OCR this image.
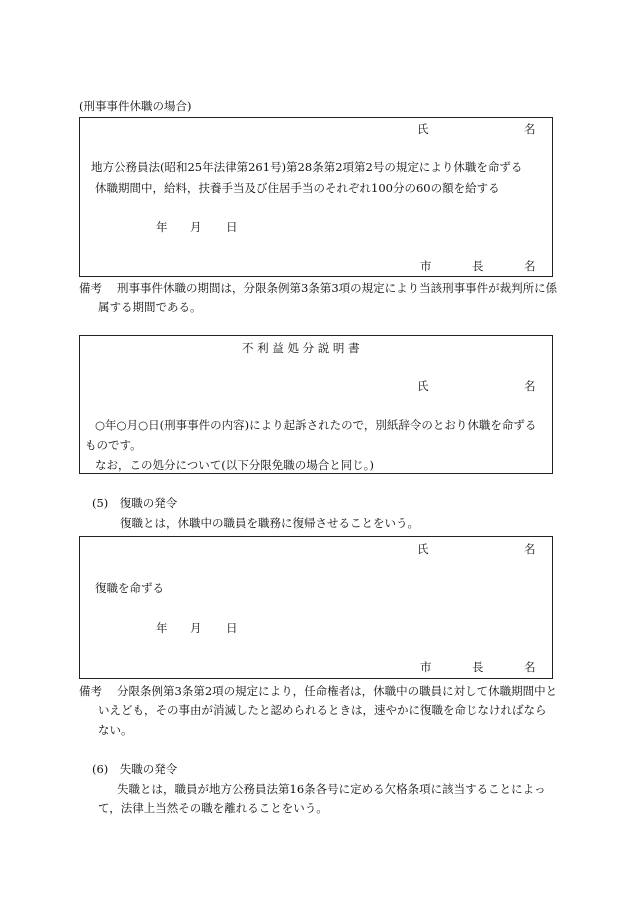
(刑事事件休職の場合)
氏	名
地方公務員法(昭和25年法律第261号)第28条第2項第2号の規定により休職を命ずる
休職期間中，給料，扶養手当及び住居手当のそれぞれ100分の60の額を給する
年 月 日
市	長	名
備考 刑事事件休職の期間は，分限条例第3条第3項の規定により当該刑事事件が裁判所に係
属する期間である。
不 利 益 処 分 説 明 書
氏	名
○年○月○日(刑事事件の内容)により起訴されたので，別紙辞令のとおり休職を命ずる
ものです。
なお，この処分について(以下分限免職の場合と同じ。)
(5)　復職の発令
復職とは，休職中の職員を職務に復帰させることをいう。
氏	名
復職を命ずる
年 月 日
市	長	名
備考 分限条例第3条第2項の規定により，任命権者は，休職中の職員に対して休職期間中と
いえども，その事由が消滅したと認められるときは，速やかに復職を命じなければなら
ない。
(6)　失職の発令
失職とは，職員が地方公務員法第16条各号に定める欠格条項に該当することによっ
て，法律上当然その職を離れることをいう。
